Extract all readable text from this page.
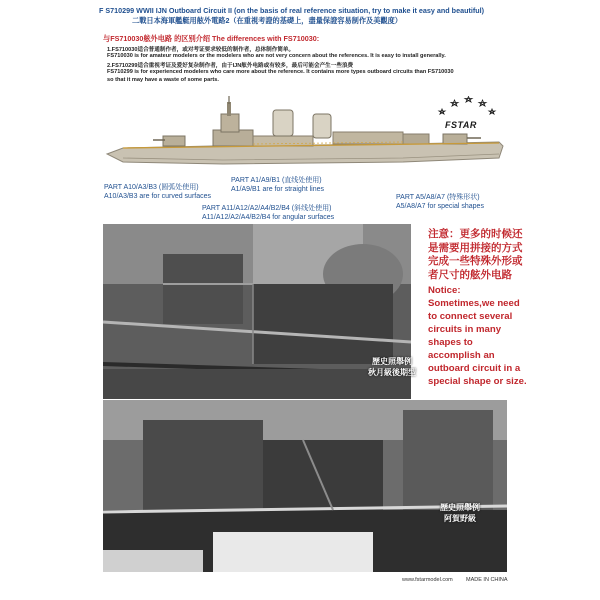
F S710299 WWII IJN Outboard Circuit II (on the basis of real reference situation, try to make it easy and beautiful)
二戰日本海軍艦艇用舷外電路2（在重視考證的基礎上，盡量保證容易制作及美觀度）
与FS710030舷外电路 的区别介绍 The differences with FS710030:
1.FS710030适合普通制作者，或对考证要求较低的制作者，总体制作简单。
FS710030 is for amateur modelers or the modelers who are not very concern about the references. It is easy to install generally.
2.FS710299适合重视考证及爱好复杂制作者，由于IJN舷外电路或有较多，最后可能会产生一些浪费
FS710299 is for experienced modelers who care more about the reference. It contains more types outboard circuits than FS710030
so that it may have a waste of some parts.
FSTAR
PART A10/A3/B3 (圆弧处使用)
A10/A3/B3 are for curved surfaces
PART A1/A9/B1 (直线处使用)
A1/A9/B1 are for straight lines
PART A5/A8/A7 (特殊形状)
A5/A8/A7 for special shapes
PART A11/A12/A2/A4/B2/B4 (斜线处使用)
A11/A12/A2/A4/B2/B4 for angular surfaces
歷史照舉例
秋月級後期型
歷史照舉例
阿賀野級
注意：更多的时候还是需要用拼接的方式完成一些特殊外形或者尺寸的舷外电路
Notice:
Sometimes,we need to connect several circuits in many shapes to accomplish an outboard circuit in a special shape or size.
www.fstarmodel.com MADE IN CHINA
